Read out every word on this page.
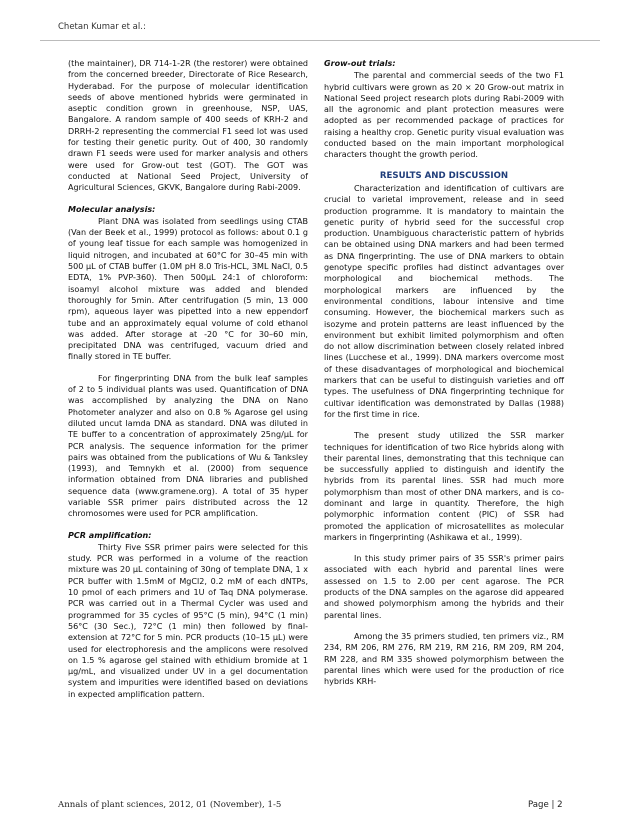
Chetan Kumar et al.:

(the maintainer), DR 714-1-2R (the restorer) were obtained from the concerned breeder, Directorate of Rice Research, Hyderabad. For the purpose of molecular identification seeds of above mentioned hybrids were germinated in aseptic condition grown in greenhouse, NSP, UAS, Bangalore. A random sample of 400 seeds of KRH-2 and DRRH-2 representing the commercial F1 seed lot was used for testing their genetic purity. Out of 400, 30 randomly drawn F1 seeds were used for marker analysis and others were used for Grow-out test (GOT). The GOT was conducted at National Seed Project, University of Agricultural Sciences, GKVK, Bangalore during Rabi-2009.

Molecular analysis:

Plant DNA was isolated from seedlings using CTAB (Van der Beek et al., 1999) protocol as follows: about 0.1 g of young leaf tissue for each sample was homogenized in liquid nitrogen, and incubated at 60°C for 30–45 min with 500 μL of CTAB buffer (1.0M pH 8.0 Tris-HCL, 3ML NaCl, 0.5 EDTA, 1% PVP-360). Then 500μL 24:1 of chloroform: isoamyl alcohol mixture was added and blended thoroughly for 5min. After centrifugation (5 min, 13 000 rpm), aqueous layer was pipetted into a new eppendorf tube and an approximately equal volume of cold ethanol was added. After storage at -20 °C for 30–60 min, precipitated DNA was centrifuged, vacuum dried and finally stored in TE buffer.

For fingerprinting DNA from the bulk leaf samples of 2 to 5 individual plants was used. Quantification of DNA was accomplished by analyzing the DNA on Nano Photometer analyzer and also on 0.8 % Agarose gel using diluted uncut lamda DNA as standard. DNA was diluted in TE buffer to a concentration of approximately 25ng/μL for PCR analysis. The sequence information for the primer pairs was obtained from the publications of Wu & Tanksley (1993), and Temnykh et al. (2000) from sequence information obtained from DNA libraries and published sequence data (www.gramene.org). A total of 35 hyper variable SSR primer pairs distributed across the 12 chromosomes were used for PCR amplification.

PCR amplification:

Thirty Five SSR primer pairs were selected for this study. PCR was performed in a volume of the reaction mixture was 20 μL containing of 30ng of template DNA, 1 x PCR buffer with 1.5mM of MgCl2, 0.2 mM of each dNTPs, 10 pmol of each primers and 1U of Taq DNA polymerase. PCR was carried out in a Thermal Cycler was used and programmed for 35 cycles of 95°C (5 min), 94°C (1 min) 56°C (30 Sec.), 72°C (1 min) then followed by final-extension at 72°C for 5 min. PCR products (10–15 μL) were used for electrophoresis and the amplicons were resolved on 1.5 % agarose gel stained with ethidium bromide at 1 μg/mL, and visualized under UV in a gel documentation system and impurities were identified based on deviations in expected amplification pattern.

Grow-out trials:

The parental and commercial seeds of the two F1 hybrid cultivars were grown as 20 × 20 Grow-out matrix in National Seed project research plots during Rabi-2009 with all the agronomic and plant protection measures were adopted as per recommended package of practices for raising a healthy crop. Genetic purity visual evaluation was conducted based on the main important morphological characters thought the growth period.

RESULTS AND DISCUSSION

Characterization and identification of cultivars are crucial to varietal improvement, release and in seed production programme. It is mandatory to maintain the genetic purity of hybrid seed for the successful crop production. Unambiguous characteristic pattern of hybrids can be obtained using DNA markers and had been termed as DNA fingerprinting. The use of DNA markers to obtain genotype specific profiles had distinct advantages over morphological and biochemical methods. The morphological markers are influenced by the environmental conditions, labour intensive and time consuming. However, the biochemical markers such as isozyme and protein patterns are least influenced by the environment but exhibit limited polymorphism and often do not allow discrimination between closely related inbred lines (Lucchese et al., 1999). DNA markers overcome most of these disadvantages of morphological and biochemical markers that can be useful to distinguish varieties and off types. The usefulness of DNA fingerprinting technique for cultivar identification was demonstrated by Dallas (1988) for the first time in rice.

The present study utilized the SSR marker techniques for identification of two Rice hybrids along with their parental lines, demonstrating that this technique can be successfully applied to distinguish and identify the hybrids from its parental lines. SSR had much more polymorphism than most of other DNA markers, and is co-dominant and large in quantity. Therefore, the high polymorphic information content (PIC) of SSR had promoted the application of microsatellites as molecular markers in fingerprinting (Ashikawa et al., 1999).

In this study primer pairs of 35 SSR's primer pairs associated with each hybrid and parental lines were assessed on 1.5 to 2.00 per cent agarose. The PCR products of the DNA samples on the agarose did appeared and showed polymorphism among the hybrids and their parental lines.

Among the 35 primers studied, ten primers viz., RM 234, RM 206, RM 276, RM 219, RM 216, RM 209, RM 204, RM 228, and RM 335 showed polymorphism between the parental lines which were used for the production of rice hybrids KRH-

Annals of plant sciences, 2012, 01 (November), 1-5	Page | 2
